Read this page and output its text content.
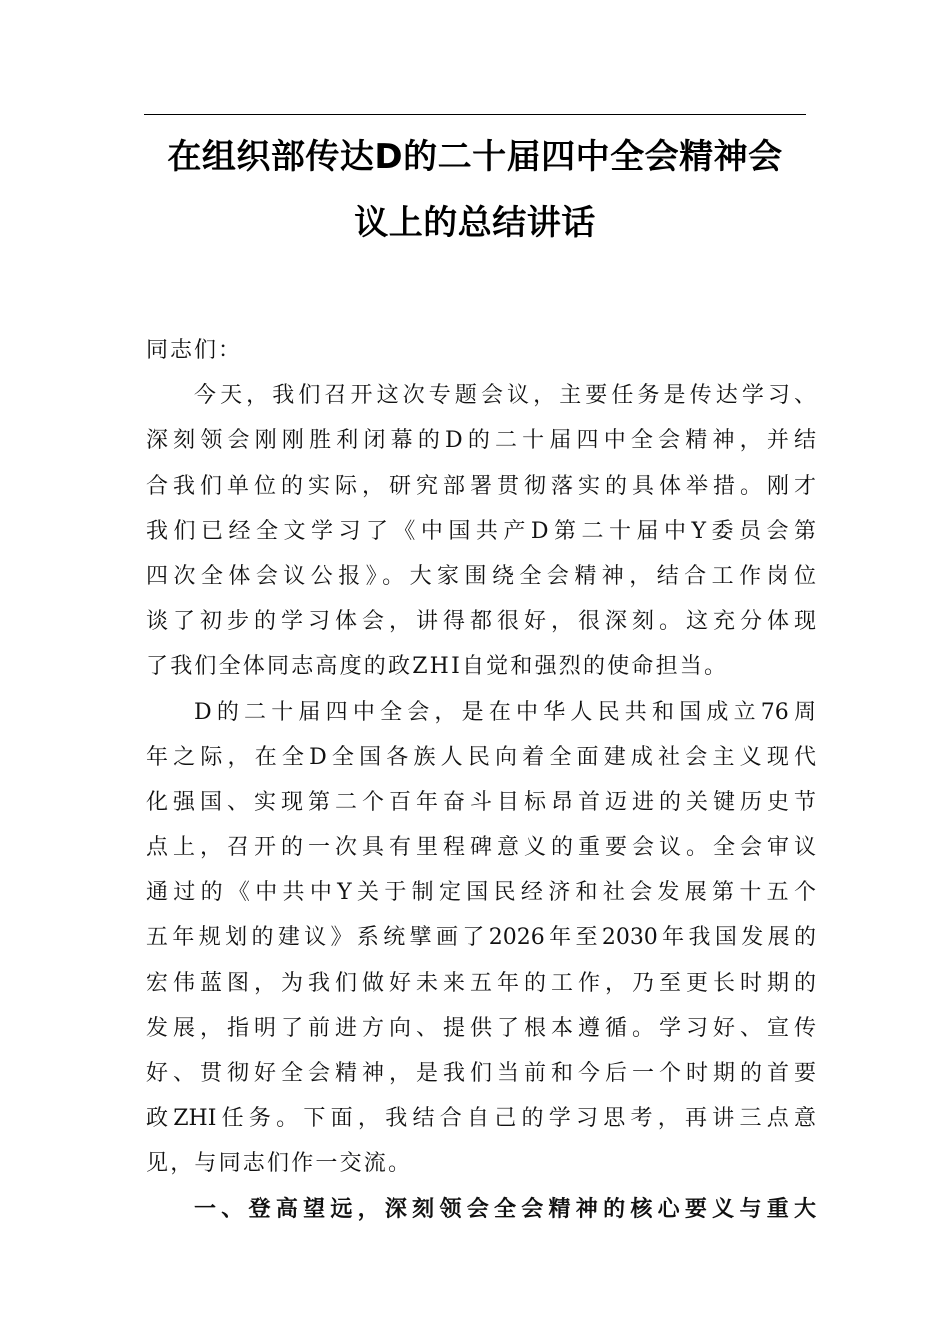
在组织部传达D的二十届四中全会精神会
议上的总结讲话
同志们：
今天，我们召开这次专题会议，主要任务是传达学习、
深刻领会刚刚胜利闭幕的D的二十届四中全会精神，并结
合我们单位的实际，研究部署贯彻落实的具体举措。刚才
我们已经全文学习了《中国共产D第二十届中Y委员会第
四次全体会议公报》。大家围绕全会精神，结合工作岗位
谈了初步的学习体会，讲得都很好，很深刻。这充分体现
了我们全体同志高度的政ZHI自觉和强烈的使命担当。
D的二十届四中全会，是在中华人民共和国成立76周
年之际，在全D全国各族人民向着全面建成社会主义现代
化强国、实现第二个百年奋斗目标昂首迈进的关键历史节
点上，召开的一次具有里程碑意义的重要会议。全会审议
通过的《中共中Y关于制定国民经济和社会发展第十五个
五年规划的建议》系统擘画了2026年至2030年我国发展的
宏伟蓝图，为我们做好未来五年的工作，乃至更长时期的
发展，指明了前进方向、提供了根本遵循。学习好、宣传
好、贯彻好全会精神，是我们当前和今后一个时期的首要
政ZHI任务。下面，我结合自己的学习思考，再讲三点意
见，与同志们作一交流。
一、登高望远，深刻领会全会精神的核心要义与重大
